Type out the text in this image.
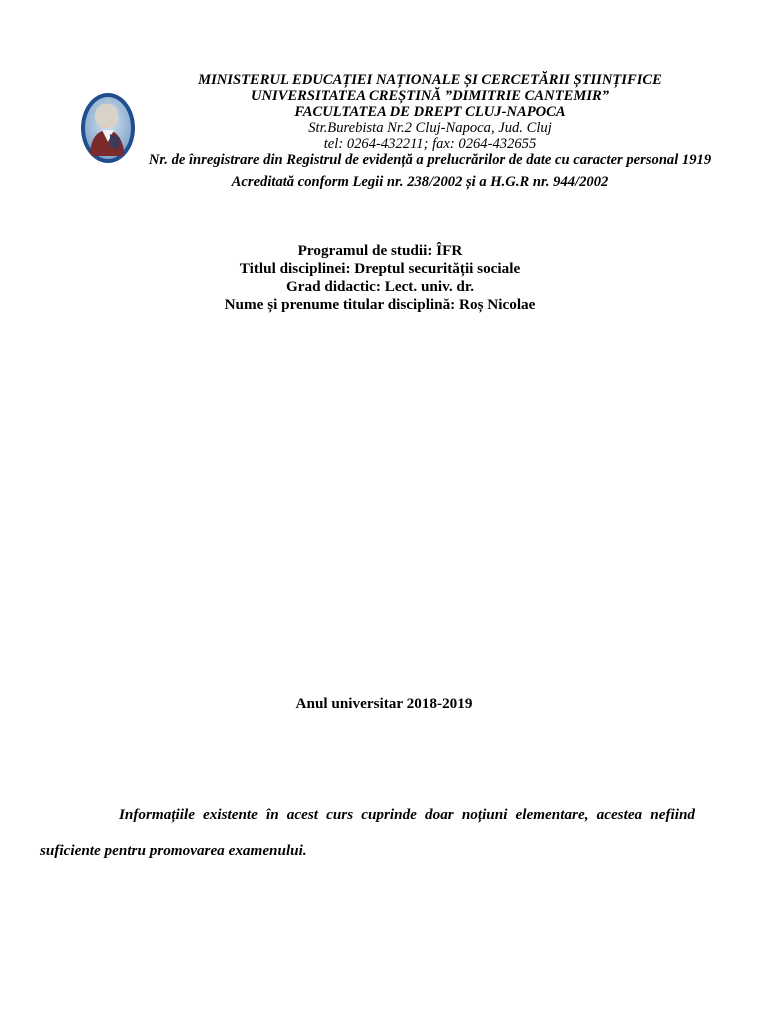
MINISTERUL EDUCAȚIEI NAȚIONALE ȘI CERCETĂRII ȘTIINȚIFICE
UNIVERSITATEA CREȘTINĂ ”DIMITRIE CANTEMIR”
FACULTATEA DE DREPT CLUJ-NAPOCA
Str.Burebista Nr.2 Cluj-Napoca, Jud. Cluj
tel: 0264-432211; fax: 0264-432655
Nr. de înregistrare din Registrul de evidență a prelucrărilor de date cu caracter personal 1919
Acreditată conform Legii nr. 238/2002 și a H.G.R nr. 944/2002
Programul de studii: ÎFR
Titlul disciplinei: Dreptul securității sociale
Grad didactic: Lect. univ. dr.
Nume și prenume titular disciplină: Roș Nicolae
Anul universitar 2018-2019
Informațiile existente în acest curs cuprinde doar noțiuni elementare, acestea nefiind
suficiente pentru promovarea examenului.
